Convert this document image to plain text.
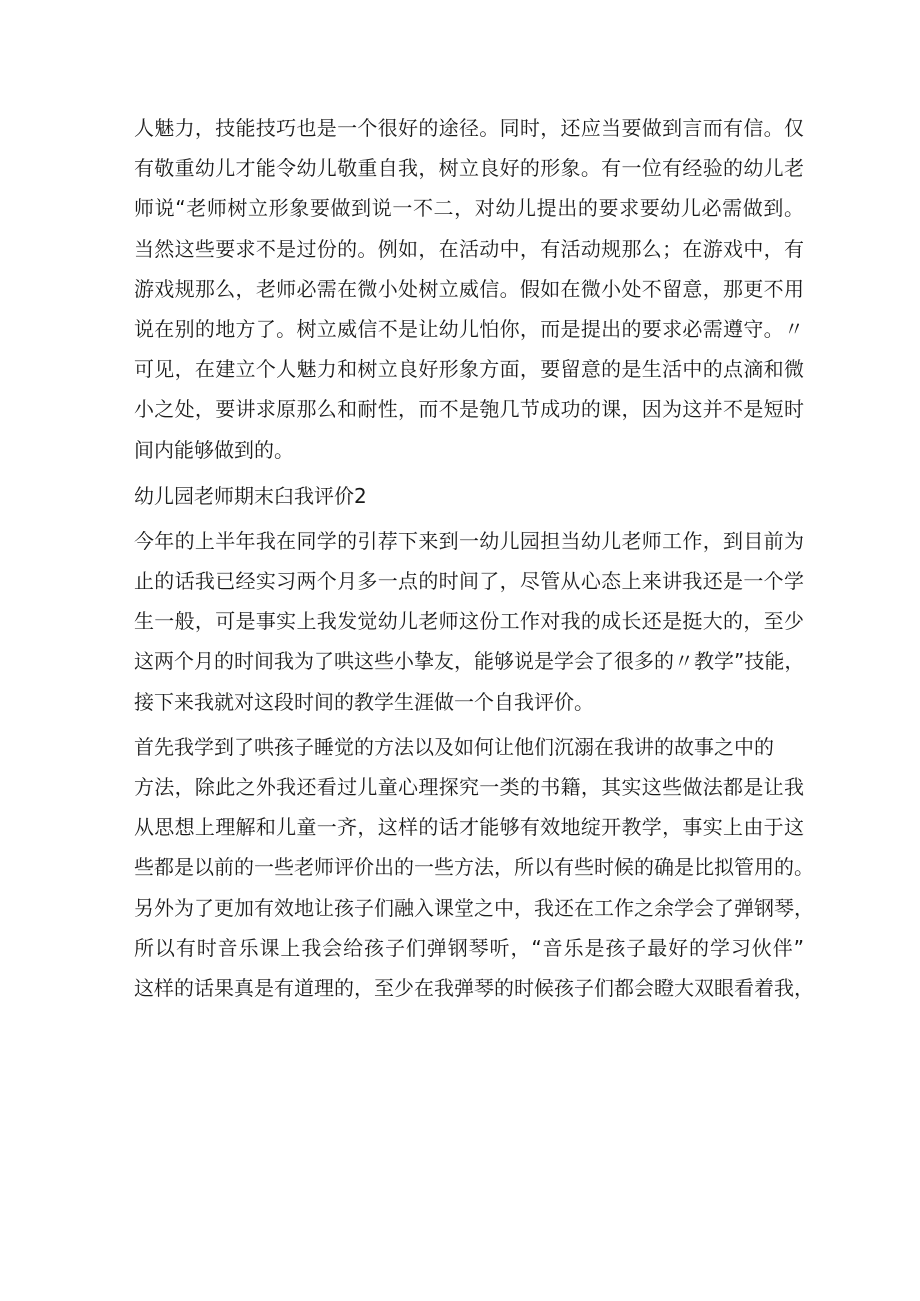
人魅力，技能技巧也是一个很好的途径。同时，还应当要做到言而有信。仅
有敬重幼儿才能令幼儿敬重自我，树立良好的形象。有一位有经验的幼儿老
师说“老师树立形象要做到说一不二，对幼儿提出的要求要幼儿必需做到。
当然这些要求不是过份的。例如，在活动中，有活动规那么；在游戏中，有
游戏规那么，老师必需在微小处树立威信。假如在微小处不留意，那更不用
说在别的地方了。树立威信不是让幼儿怕你，而是提出的要求必需遵守。〃
可见，在建立个人魅力和树立良好形象方面，要留意的是生活中的点滴和微
小之处，要讲求原那么和耐性，而不是匏几节成功的课，因为这并不是短时
间内能够做到的。
幼儿园老师期末臼我评价2
今年的上半年我在同学的引荐下来到一幼儿园担当幼儿老师工作，到目前为
止的话我已经实习两个月多一点的时间了，尽管从心态上来讲我还是一个学
生一般，可是事实上我发觉幼儿老师这份工作对我的成长还是挺大的，至少
这两个月的时间我为了哄这些小挚友，能够说是学会了很多的〃教学”技能，
接下来我就对这段时间的教学生涯做一个自我评价。
首先我学到了哄孩子睡觉的方法以及如何让他们沉溺在我讲的故事之中的
方法，除此之外我还看过儿童心理探究一类的书籍，其实这些做法都是让我
从思想上理解和儿童一齐，这样的话才能够有效地绽开教学，事实上由于这
些都是以前的一些老师评价出的一些方法，所以有些时候的确是比拟管用的。
另外为了更加有效地让孩子们融入课堂之中，我还在工作之余学会了弹钢琴，
所以有时音乐课上我会给孩子们弹钢琴听，“音乐是孩子最好的学习伙伴”
这样的话果真是有道理的，至少在我弹琴的时候孩子们都会瞪大双眼看着我，
